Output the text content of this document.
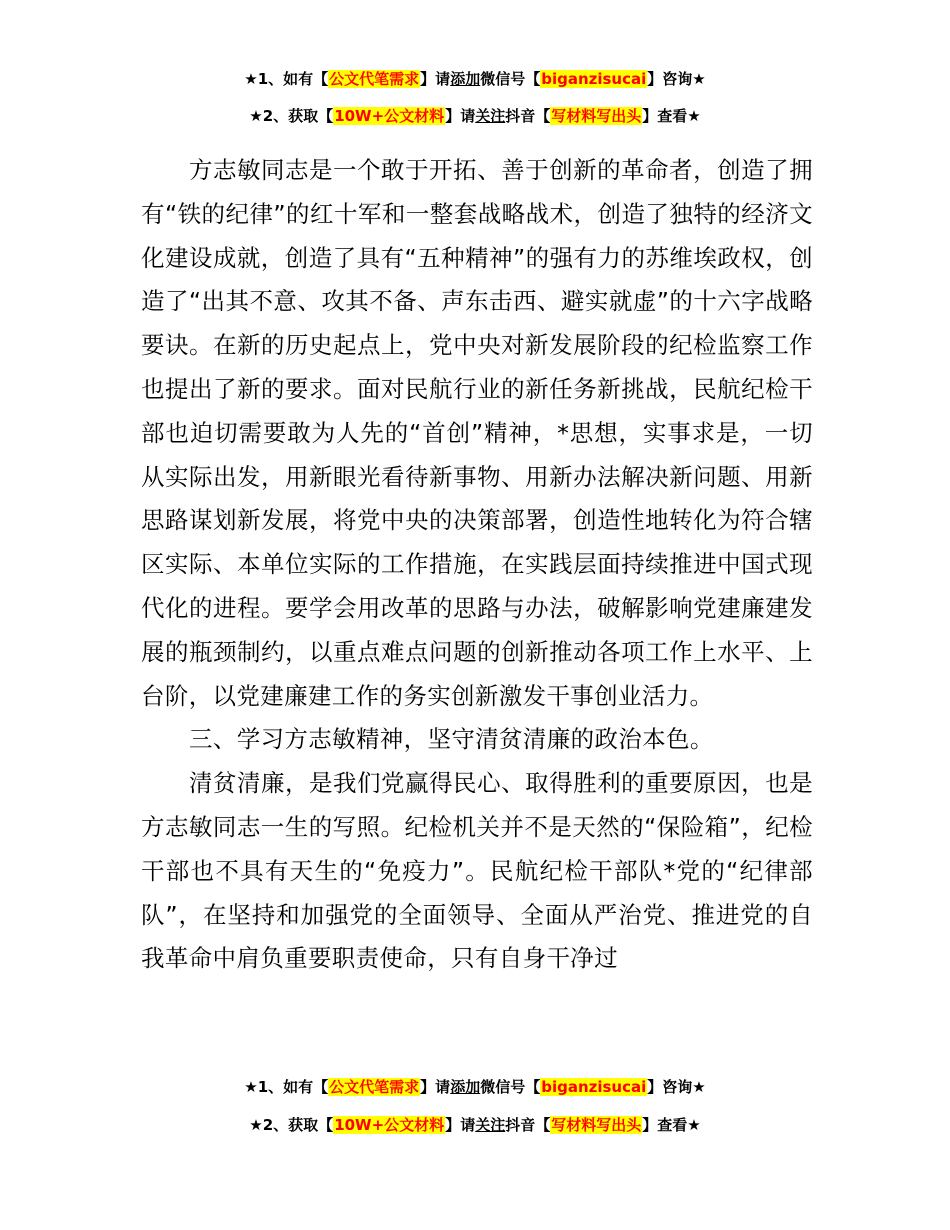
★1、如有【公文代笔需求】请添加微信号【biganzisucai】咨询★
★2、获取【10W+公文材料】请关注抖音【写材料写出头】查看★

方志敏同志是一个敢于开拓、善于创新的革命者，创造了拥有“铁的纪律”的红十军和一整套战略战术，创造了独特的经济文化建设成就，创造了具有“五种精神”的强有力的苏维埃政权，创造了“出其不意、攻其不备、声东击西、避实就虚”的十六字战略要诀。在新的历史起点上，党中央对新发展阶段的纪检监察工作也提出了新的要求。面对民航行业的新任务新挑战，民航纪检干部也迫切需要敢为人先的“首创”精神，*思想，实事求是，一切从实际出发，用新眼光看待新事物、用新办法解决新问题、用新思路谋划新发展，将党中央的决策部署，创造性地转化为符合辖区实际、本单位实际的工作措施，在实践层面持续推进中国式现代化的进程。要学会用改革的思路与办法，破解影响党建廉建发展的瓶颈制约，以重点难点问题的创新推动各项工作上水平、上台阶，以党建廉建工作的务实创新激发干事创业活力。

三、学习方志敏精神，坚守清贫清廉的政治本色。

清贫清廉，是我们党赢得民心、取得胜利的重要原因，也是方志敏同志一生的写照。纪检机关并不是天然的“保险箱”，纪检干部也不具有天生的“免疫力”。民航纪检干部队*党的“纪律部队”，在坚持和加强党的全面领导、全面从严治党、推进党的自我革命中肩负重要职责使命，只有自身干净过

★1、如有【公文代笔需求】请添加微信号【biganzisucai】咨询★
★2、获取【10W+公文材料】请关注抖音【写材料写出头】查看★
